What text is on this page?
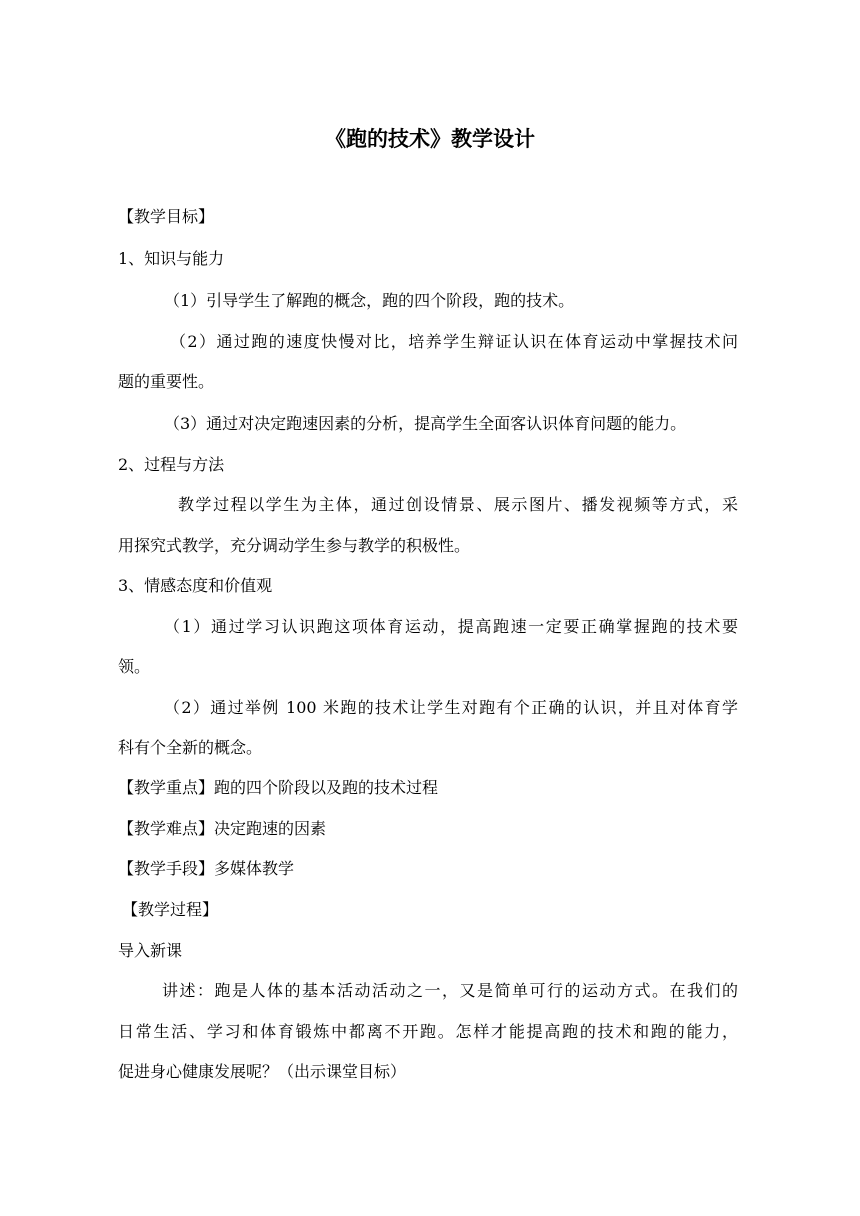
《跑的技术》教学设计
【教学目标】
1、知识与能力
（1）引导学生了解跑的概念，跑的四个阶段，跑的技术。
（2）通过跑的速度快慢对比，培养学生辩证认识在体育运动中掌握技术问
题的重要性。
（3）通过对决定跑速因素的分析，提高学生全面客认识体育问题的能力。
2、过程与方法
教学过程以学生为主体，通过创设情景、展示图片、播发视频等方式，采
用探究式教学，充分调动学生参与教学的积极性。
3、情感态度和价值观
（1）通过学习认识跑这项体育运动，提高跑速一定要正确掌握跑的技术要
领。
（2）通过举例 100 米跑的技术让学生对跑有个正确的认识，并且对体育学
科有个全新的概念。
【教学重点】跑的四个阶段以及跑的技术过程
【教学难点】决定跑速的因素
【教学手段】多媒体教学
【教学过程】
导入新课
讲述：跑是人体的基本活动活动之一，又是简单可行的运动方式。在我们的
日常生活、学习和体育锻炼中都离不开跑。怎样才能提高跑的技术和跑的能力，
促进身心健康发展呢？（出示课堂目标）
